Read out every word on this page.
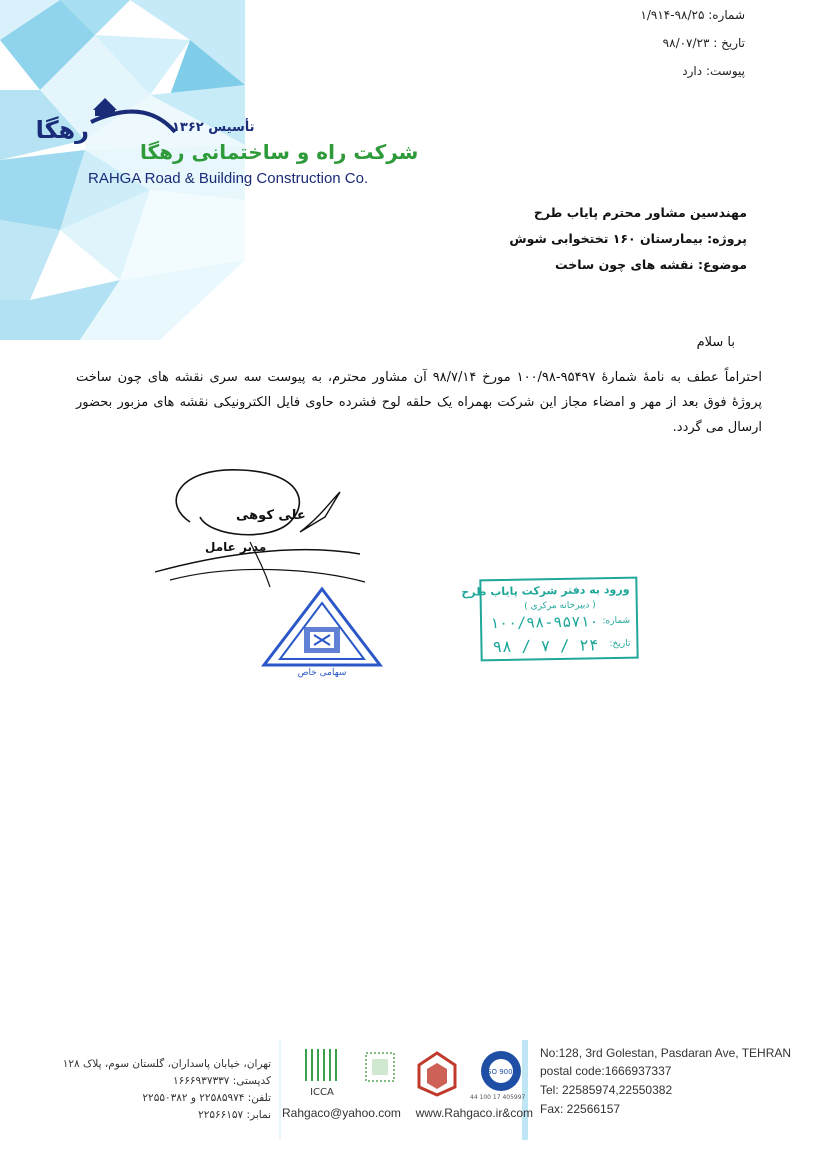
شماره: ۹۸/۲۵-۱/۹۱۴
تاریخ : ۹۸/۰۷/۲۳
پیوست: دارد
رهگا	تأسیس ۱۳۶۲
شرکت راه و ساختمانی رهگا
RAHGA Road & Building Construction Co.
مهندسین مشاور محترم پایاب طرح
پروژه: بیمارستان ۱۶۰ تختخوابی شوش
موضوع: نقشه های چون ساخت
با سلام
احتراماً عطف به نامۀ شمارۀ ۹۵۴۹۷-۱۰۰/۹۸ مورخ ۹۸/۷/۱۴ آن مشاور محترم، به پیوست سه سری نقشه های چون ساخت پروژۀ فوق بعد از مهر و امضاء مجاز این شرکت بهمراه یک حلقه لوح فشرده حاوی فایل الکترونیکی نقشه های مزبور بحضور ارسال می گردد.
علی کوهی
مدیر عامل
سهامی خاص
ورود به دفتر شرکت پایاب طرح
( دبیرخانه مرکزی )
شماره:
۱۰۰/۹۸-۹۵۷۱۰
تاریخ:
۹۸ / ۷ / ۲۴
تهران، خیابان پاسداران، گلستان سوم، پلاک ۱۲۸
کدپستی: ۱۶۶۶۹۳۷۳۳۷
تلفن: ۲۲۵۸۵۹۷۴ و ۲۲۵۵۰۳۸۲
نمابر: ۲۲۵۶۶۱۵۷
ICCA
ISO 9001
44 100 17 405997
Rahgaco@yahoo.com www.Rahgaco.ir&com
No:128, 3rd Golestan, Pasdaran Ave, TEHRAN
postal code:1666937337
Tel: 22585974,22550382
Fax: 22566157
